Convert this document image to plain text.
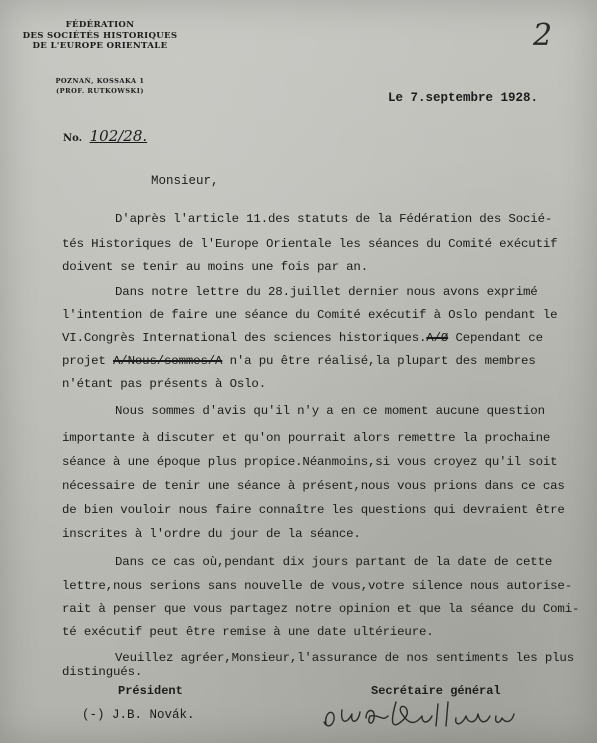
2
FÉDÉRATION
DES SOCIÉTÉS HISTORIQUES
DE L'EUROPE ORIENTALE
POZNAŃ, KOSSAKA 1
(PROF. RUTKOWSKI)	Le 7.septembre 1928.
No. 102/28.
Monsieur,
D'après l'article 11.des statuts de la Fédération des Socié-
tés Historiques de l'Europe Orientale les séances du Comité exécutif
doivent se tenir au moins une fois par an.
Dans notre lettre du 28.juillet dernier nous avons exprimé
l'intention de faire une séance du Comité exécutif à Oslo pendant le
VI.Congrès International des sciences historiques.A/Ø Cependant ce
projet A/Nous/sommes/A n'a pu être réalisé,la plupart des membres
n'étant pas présents à Oslo.
Nous sommes d'avis qu'il n'y a en ce moment aucune question
importante à discuter et qu'on pourrait alors remettre la prochaine
séance à une époque plus propice.Néanmoins,si vous croyez qu'il soit
nécessaire de tenir une séance à présent,nous vous prions dans ce cas
de bien vouloir nous faire connaître les questions qui devraient être
inscrites à l'ordre du jour de la séance.
Dans ce cas où,pendant dix jours partant de la date de cette
lettre,nous serions sans nouvelle de vous,votre silence nous autorise-
rait à penser que vous partagez notre opinion et que la séance du Comi-
té exécutif peut être remise à une date ultérieure.
Veuillez agréer,Monsieur,l'assurance de nos sentiments les plus
distingués.
Président
(-) J.B. Novák.
Secrétaire général
